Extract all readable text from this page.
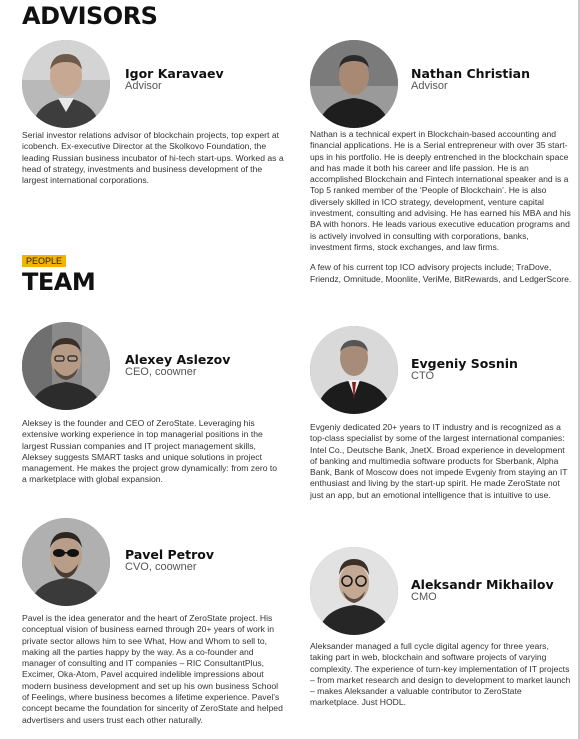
ADVISORS
Igor Karavaev
Advisor

Serial investor relations advisor of blockchain projects, top expert at icobench. Ex-executive Director at the Skolkovo Foundation, the leading Russian business incubator of hi-tech start-ups. Worked as a head of strategy, investments and business development of the largest international corporations.

Nathan Christian
Advisor

Nathan is a technical expert in Blockchain-based accounting and financial applications. He is a Serial entrepreneur with over 35 start-ups in his portfolio. He is deeply entrenched in the blockchain space and has made it both his career and life passion. He is an accomplished Blockchain and Fintech international speaker and is a Top 5 ranked member of the ‘People of Blockchain’. He is also diversely skilled in ICO strategy, development, venture capital investment, consulting and advising. He has earned his MBA and his BA with honors. He leads various executive education programs and is actively involved in consulting with corporations, banks, investment firms, stock exchanges, and law firms.

A few of his current top ICO advisory projects include; TraDove, Friendz, Omnitude, Moonlite, VeriMe, BitRewards, and LedgerScore.

PEOPLE
TEAM
Alexey Aslezov
CEO, coowner

Aleksey is the founder and CEO of ZeroState. Leveraging his extensive working experience in top managerial positions in the largest Russian companies and IT project management skills, Aleksey suggests SMART tasks and unique solutions in project management. He makes the project grow dynamically: from zero to a marketplace with global expansion.

Evgeniy Sosnin
CTO

Evgeniy dedicated 20+ years to IT industry and is recognized as a top-class specialist by some of the largest international companies: Intel Co., Deutsche Bank, JnetX. Broad experience in development of banking and multimedia software products for Sberbank, Alpha Bank, Bank of Moscow does not impede Evgeniy from staying an IT enthusiast and living by the start-up spirit. He made ZeroState not just an app, but an emotional intelligence that is intuitive to use.

Pavel Petrov
CVO, coowner

Pavel is the idea generator and the heart of ZeroState project. His conceptual vision of business earned through 20+ years of work in private sector allows him to see What, How and Whom to sell to, making all the parties happy by the way. As a co-founder and manager of consulting and IT companies – RIC ConsultantPlus, Excimer, Oka-Atom, Pavel acquired indelible impressions about modern business development and set up his own business School of Feelings, where business becomes a lifetime experience. Pavel’s concept became the foundation for sincerity of ZeroState and helped advertisers and users trust each other naturally.

Aleksandr Mikhailov
CMO

Aleksander managed a full cycle digital agency for three years, taking part in web, blockchain and software projects of varying complexity. The experience of turn-key implementation of IT projects – from market research and design to development to market launch – makes Aleksander a valuable contributor to ZeroState marketplace. Just HODL.
